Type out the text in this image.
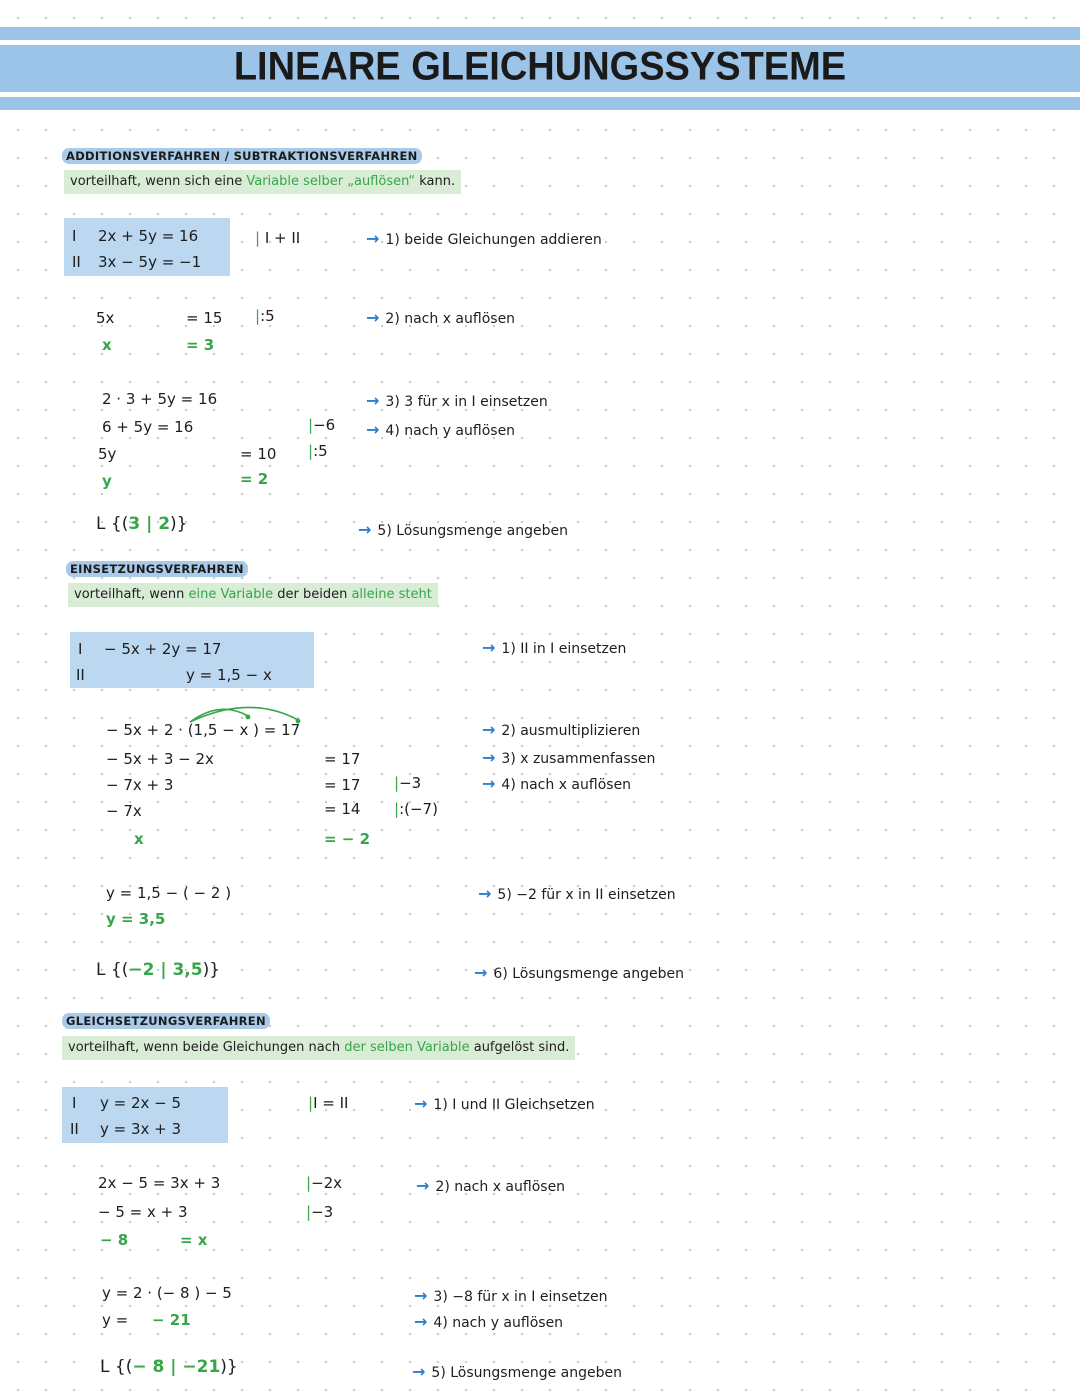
LINEARE GLEICHUNGSSYSTEME
ADDITIONSVERFAHREN / SUBTRAKTIONSVERFAHREN
vorteilhaft, wenn sich eine Variable selber „auflösen“ kann.
I 2x + 5y = 16
II 3x − 5y = −1
| I + II
5x	= 15 |:5
x	= 3
2 · 3 + 5y = 16
6 + 5y = 16	|−6
5y	= 10 |:5
y	= 2
L {(3 | 2)}
→ 1) beide Gleichungen addieren
→ 2) nach x auflösen
→ 3) 3 für x in I einsetzen
→ 4) nach y auflösen
→ 5) Lösungsmenge angeben
EINSETZUNGSVERFAHREN
vorteilhaft, wenn eine Variable der beiden alleine steht
I − 5x + 2y = 17
II	y = 1,5 − x
− 5x + 2 · (1,5 − x ) = 17
− 5x + 3 − 2x	= 17
− 7x + 3	= 17 |−3
− 7x	= 14 |:(−7)
x	= − 2
y = 1,5 − ( − 2 )
y = 3,5
L {(−2 | 3,5)}
→ 1) II in I einsetzen
→ 2) ausmultiplizieren
→ 3) x zusammenfassen
→ 4) nach x auflösen
→ 5) −2 für x in II einsetzen
→ 6) Lösungsmenge angeben
GLEICHSETZUNGSVERFAHREN
vorteilhaft, wenn beide Gleichungen nach der selben Variable aufgelöst sind.
I y = 2x − 5
II y = 3x + 3
|I = II
2x − 5 = 3x + 3	|−2x
− 5 = x + 3	|−3
− 8	= x
y = 2 · (− 8 ) − 5
y = − 21
L {(− 8 | −21)}
→ 1) I und II Gleichsetzen
→ 2) nach x auflösen
→ 3) −8 für x in I einsetzen
→ 4) nach y auflösen
→ 5) Lösungsmenge angeben
